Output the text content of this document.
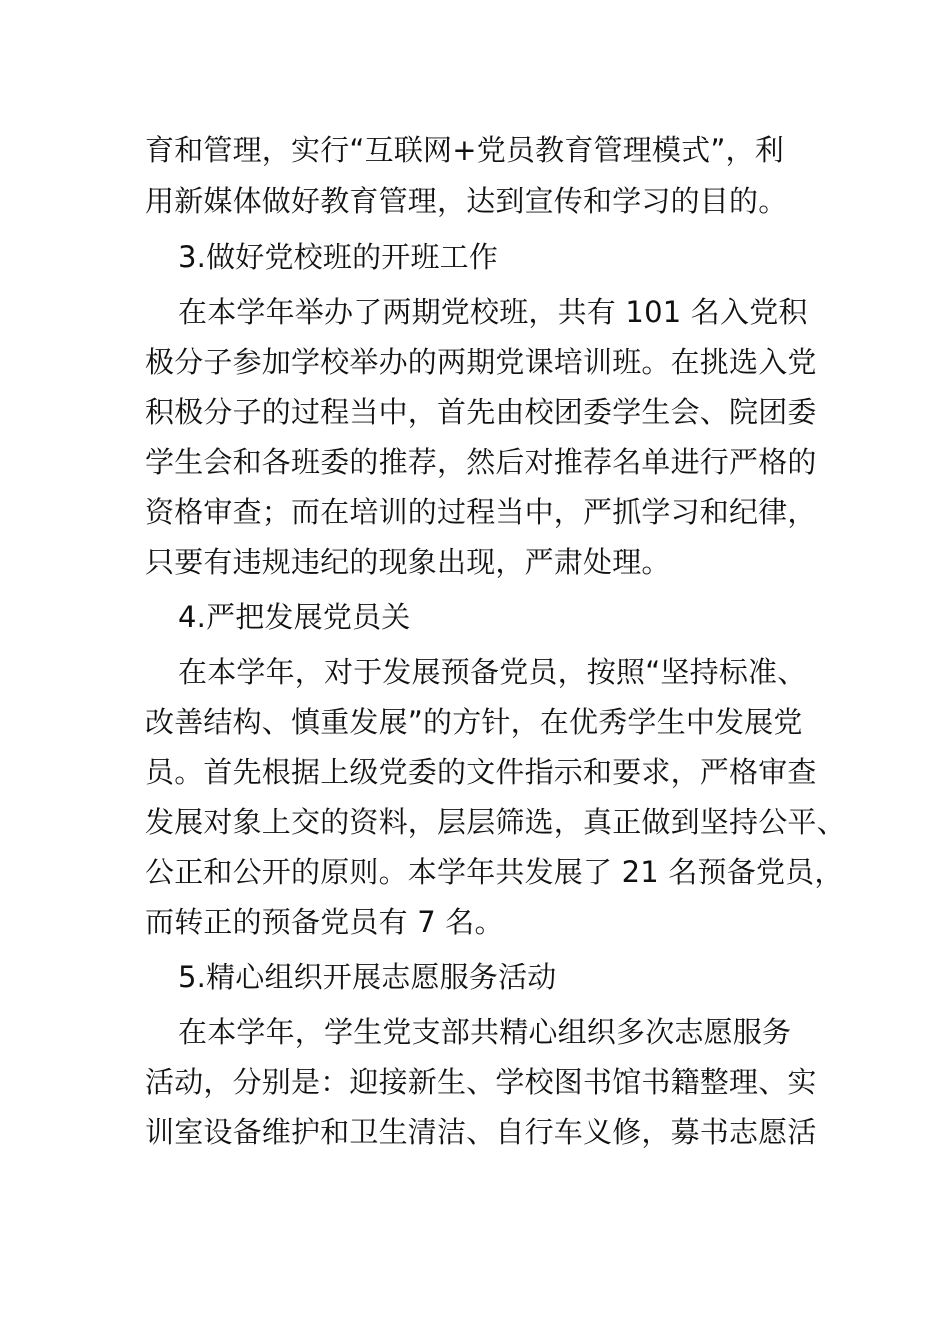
育和管理，实行“互联网+党员教育管理模式”，利
用新媒体做好教育管理，达到宣传和学习的目的。
3.做好党校班的开班工作
在本学年举办了两期党校班，共有 101 名入党积
极分子参加学校举办的两期党课培训班。在挑选入党
积极分子的过程当中，首先由校团委学生会、院团委
学生会和各班委的推荐，然后对推荐名单进行严格的
资格审查；而在培训的过程当中，严抓学习和纪律，
只要有违规违纪的现象出现，严肃处理。
4.严把发展党员关
在本学年，对于发展预备党员，按照“坚持标准、
改善结构、慎重发展”的方针，在优秀学生中发展党
员。首先根据上级党委的文件指示和要求，严格审查
发展对象上交的资料，层层筛选，真正做到坚持公平、
公正和公开的原则。本学年共发展了 21 名预备党员，
而转正的预备党员有 7 名。
5.精心组织开展志愿服务活动
在本学年，学生党支部共精心组织多次志愿服务
活动，分别是：迎接新生、学校图书馆书籍整理、实
训室设备维护和卫生清洁、自行车义修，募书志愿活
